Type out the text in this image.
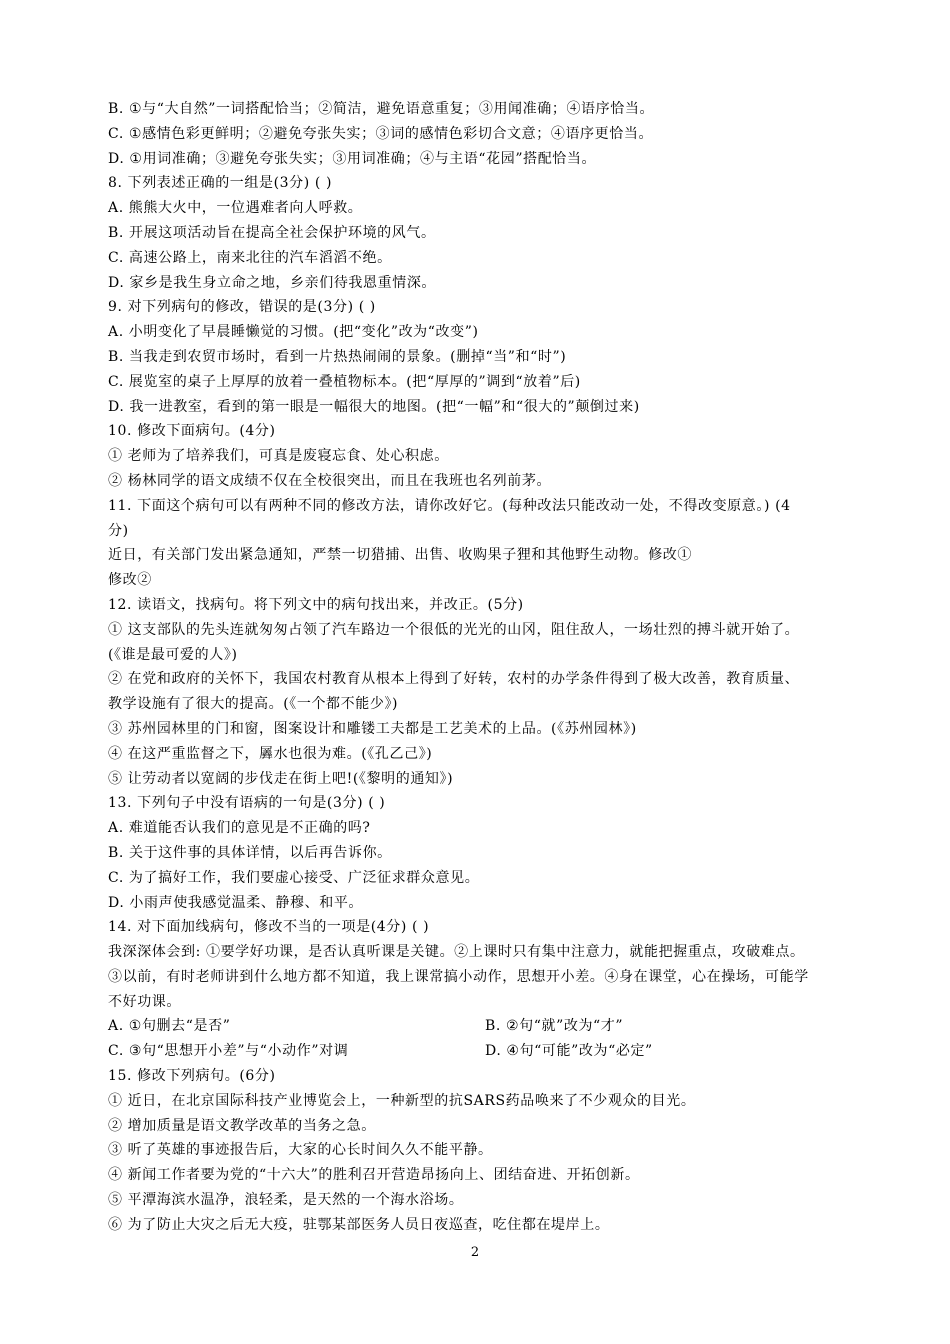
B. ①与“大自然”一词搭配恰当；②简洁，避免语意重复；③用闻准确；④语序恰当。
C. ①感情色彩更鲜明；②避免夸张失实；③词的感情色彩切合文意；④语序更恰当。
D. ①用词准确；③避免夸张失实；③用词准确；④与主语“花园”搭配恰当。
8. 下列表述正确的一组是(3分) ( )
A. 熊熊大火中，一位遇难者向人呼救。
B. 开展这项活动旨在提高全社会保护环境的风气。
C. 高速公路上，南来北往的汽车滔滔不绝。
D. 家乡是我生身立命之地，乡亲们待我恩重情深。
9. 对下列病句的修改，错误的是(3分) ( )
A. 小明变化了早晨睡懒觉的习惯。(把“变化”改为“改变”)
B. 当我走到农贸市场时，看到一片热热闹闹的景象。(删掉“当”和“时”)
C. 展览室的桌子上厚厚的放着一叠植物标本。(把“厚厚的”调到“放着”后)
D. 我一进教室，看到的第一眼是一幅很大的地图。(把“一幅”和“很大的”颠倒过来)
10. 修改下面病句。(4分)
① 老师为了培养我们，可真是废寝忘食、处心积虑。
② 杨林同学的语文成绩不仅在全校很突出，而且在我班也名列前茅。
11. 下面这个病句可以有两种不同的修改方法，请你改好它。(每种改法只能改动一处，不得改变原意。) (4
分)
近日，有关部门发出紧急通知，严禁一切猎捕、出售、收购果子狸和其他野生动物。修改①
修改②
12. 读语文，找病句。将下列文中的病句找出来，并改正。(5分)
① 这支部队的先头连就匆匆占领了汽车路边一个很低的光光的山冈，阻住敌人，一场壮烈的搏斗就开始了。
(《谁是最可爱的人》)
② 在党和政府的关怀下，我国农村教育从根本上得到了好转，农村的办学条件得到了极大改善，教育质量、
教学设施有了很大的提高。(《一个都不能少》)
③ 苏州园林里的门和窗，图案设计和雕镂工夫都是工艺美术的上品。(《苏州园林》)
④ 在这严重监督之下，羼水也很为难。(《孔乙己》)
⑤ 让劳动者以宽阔的步伐走在街上吧!(《黎明的通知》)
13. 下列句子中没有语病的一句是(3分) ( )
A. 难道能否认我们的意见是不正确的吗?
B. 关于这件事的具体详情，以后再告诉你。
C. 为了搞好工作，我们要虚心接受、广泛征求群众意见。
D. 小雨声使我感觉温柔、静穆、和平。
14. 对下面加线病句，修改不当的一项是(4分) ( )
我深深体会到: ①要学好功课，是否认真听课是关键。②上课时只有集中注意力，就能把握重点，攻破难点。
③以前，有时老师讲到什么地方都不知道，我上课常搞小动作，思想开小差。④身在课堂，心在操场，可能学
不好功课。
A. ①句删去“是否”	B. ②句“就”改为“才”
C. ③句“思想开小差”与“小动作”对调	D. ④句“可能”改为“必定”
15. 修改下列病句。(6分)
① 近日，在北京国际科技产业博览会上，一种新型的抗SARS药品唤来了不少观众的目光。
② 增加质量是语文教学改革的当务之急。
③ 听了英雄的事迹报告后，大家的心长时间久久不能平静。
④ 新闻工作者要为党的“十六大”的胜利召开营造昂扬向上、团结奋进、开拓创新。
⑤ 平潭海滨水温净，浪轻柔，是天然的一个海水浴场。
⑥ 为了防止大灾之后无大疫，驻鄂某部医务人员日夜巡查，吃住都在堤岸上。
2
